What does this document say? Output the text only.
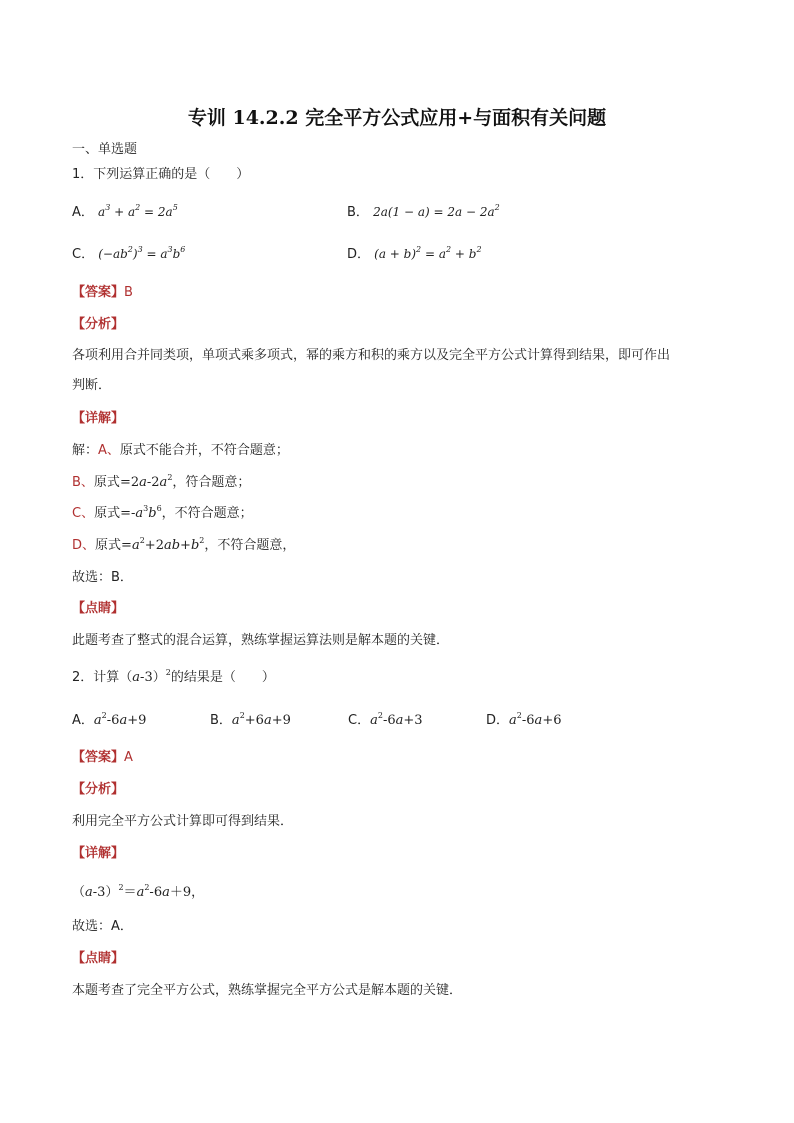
专训 14.2.2 完全平方公式应用+与面积有关问题
一、单选题
1．下列运算正确的是（　　）
A． $a^3 + a^2 = 2a^5$	B． $2a(1 - a) = 2a - 2a^2$
C． $(-ab^2)^3 = a^3b^6$	D． $(a + b)^2 = a^2 + b^2$
【答案】B
【分析】
各项利用合并同类项，单项式乘多项式，幂的乘方和积的乘方以及完全平方公式计算得到结果，即可作出
判断．
【详解】
解：A、原式不能合并，不符合题意；
B、原式$=2a-2a^2$，符合题意；
C、原式$=-a^3b^6$，不符合题意；
D、原式$=a^2+2ab+b^2$，不符合题意，
故选：B．
【点睛】
此题考查了整式的混合运算，熟练掌握运算法则是解本题的关键．
2．计算$(a-3)^2$的结果是（　　）
A．$a^2-6a+9$	B．$a^2+6a+9$	C．$a^2-6a+3$	D．$a^2-6a+6$
【答案】A
【分析】
利用完全平方公式计算即可得到结果．
【详解】
$(a-3)^2=a^2-6a+9$，
故选：A．
【点睛】
本题考查了完全平方公式，熟练掌握完全平方公式是解本题的关键．
